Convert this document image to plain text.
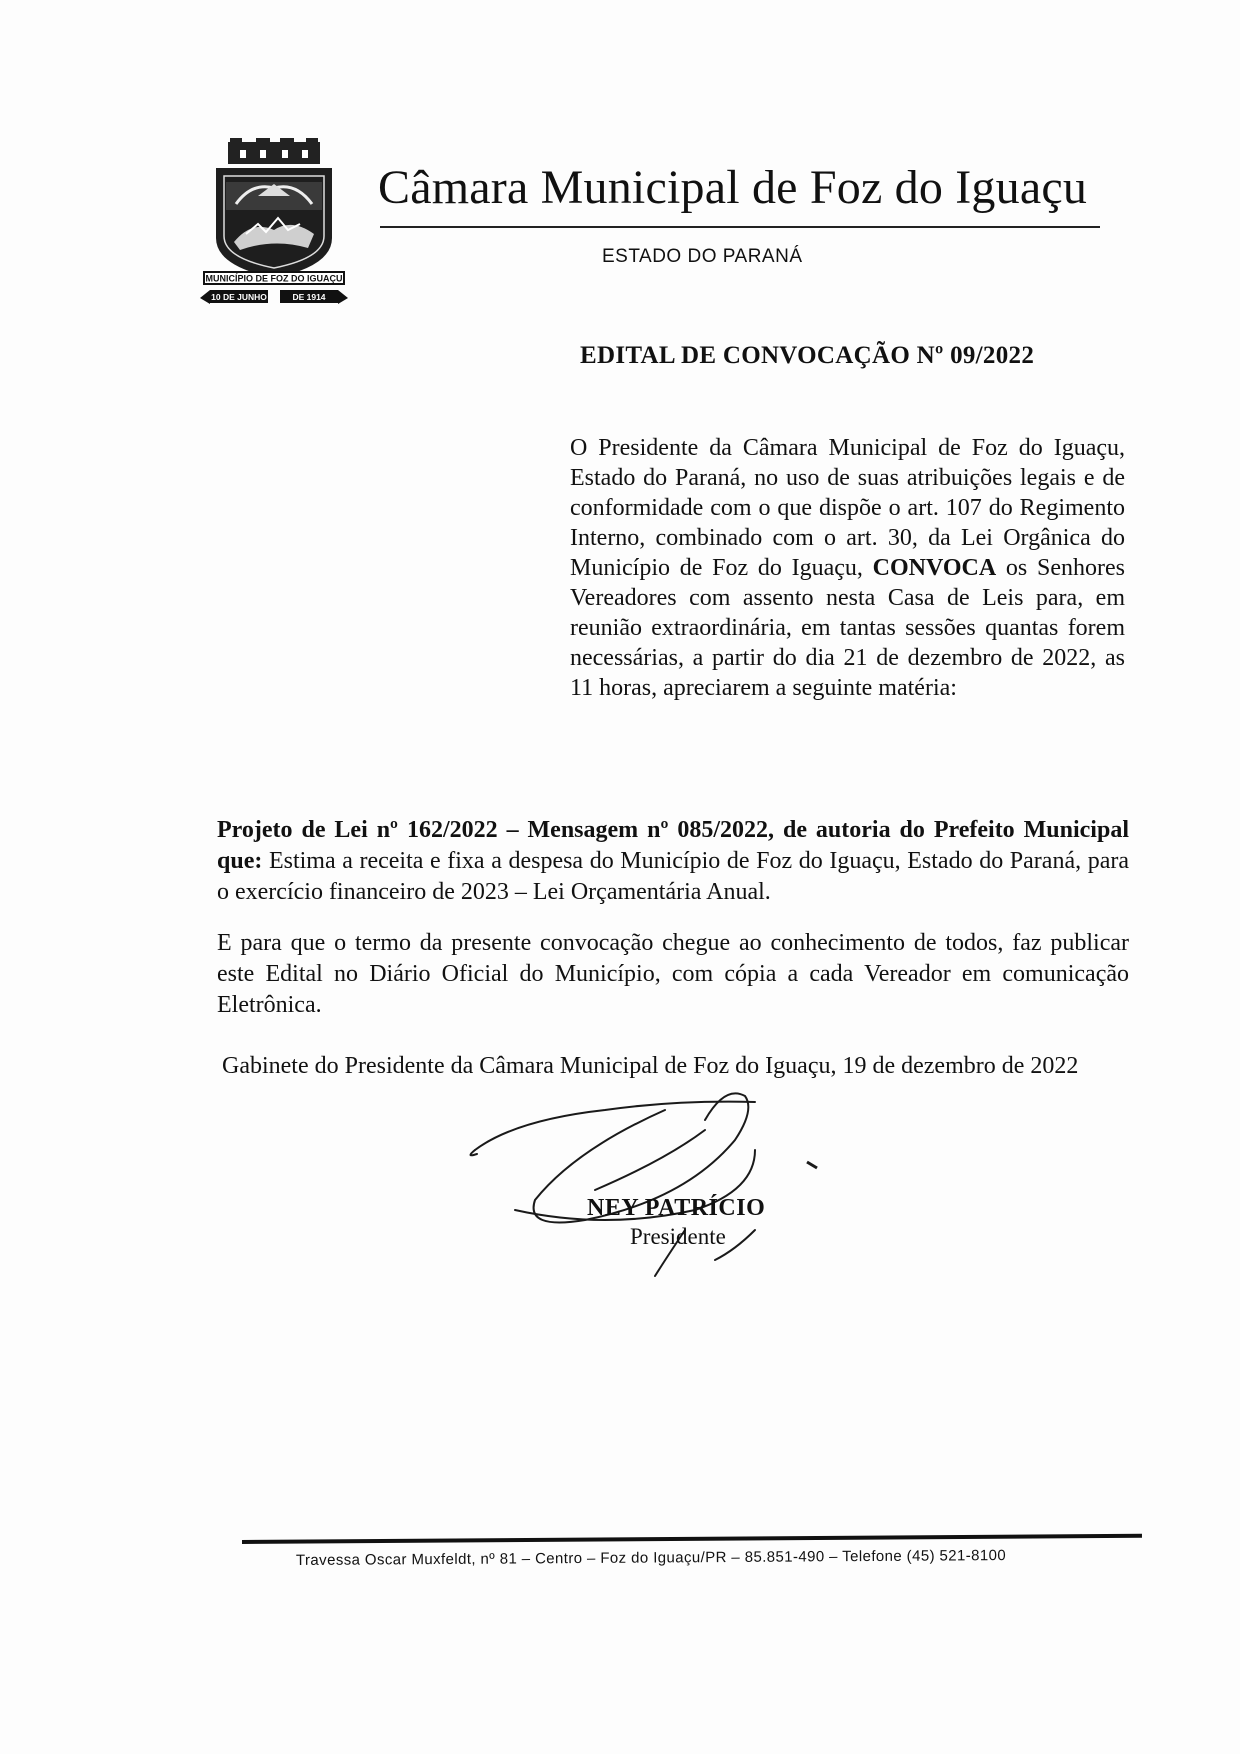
MUNICÍPIO DE FOZ DO IGUAÇU
10 DE JUNHO	DE 1914
Câmara Municipal de Foz do Iguaçu
ESTADO DO PARANÁ
EDITAL DE CONVOCAÇÃO Nº 09/2022
O Presidente da Câmara Municipal de Foz do Iguaçu, Estado do Paraná, no uso de suas atribuições legais e de conformidade com o que dispõe o art. 107 do Regimento Interno, combinado com o art. 30, da Lei Orgânica do Município de Foz do Iguaçu, CONVOCA os Senhores Vereadores com assento nesta Casa de Leis para, em reunião extraordinária, em tantas sessões quantas forem necessárias, a partir do dia 21 de dezembro de 2022, as 11 horas, apreciarem a seguinte matéria:
Projeto de Lei nº 162/2022 – Mensagem nº 085/2022, de autoria do Prefeito Municipal que: Estima a receita e fixa a despesa do Município de Foz do Iguaçu, Estado do Paraná, para o exercício financeiro de 2023 – Lei Orçamentária Anual.
E para que o termo da presente convocação chegue ao conhecimento de todos, faz publicar este Edital no Diário Oficial do Município, com cópia a cada Vereador em comunicação Eletrônica.
Gabinete do Presidente da Câmara Municipal de Foz do Iguaçu, 19 de dezembro de 2022
NEY PATRÍCIO
Presidente
Travessa Oscar Muxfeldt, nº 81 – Centro – Foz do Iguaçu/PR – 85.851-490 – Telefone (45) 521-8100
